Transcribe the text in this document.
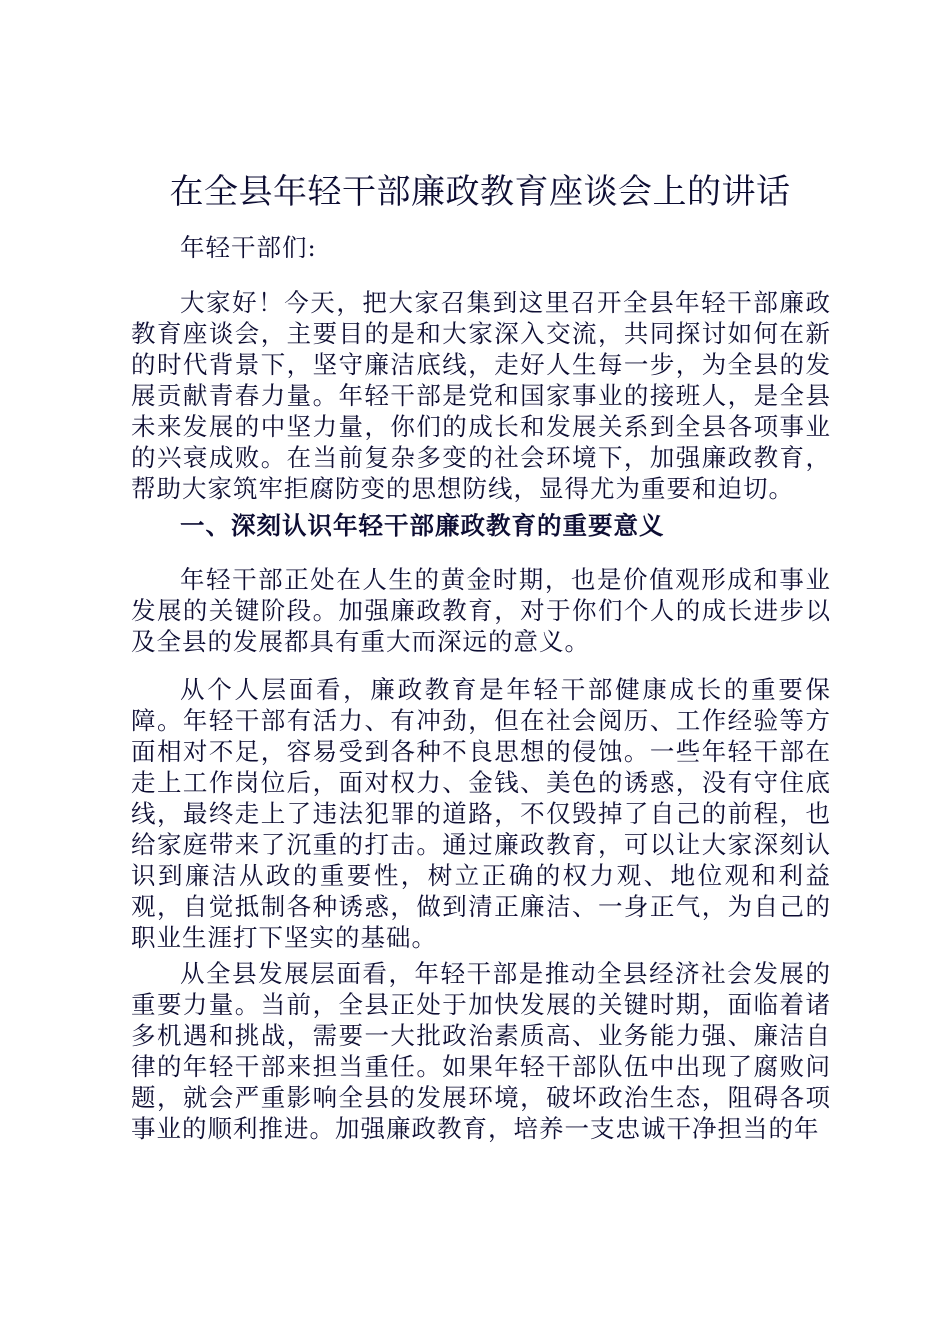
在全县年轻干部廉政教育座谈会上的讲话

年轻干部们:

大家好！今天，把大家召集到这里召开全县年轻干部廉政教育座谈会，主要目的是和大家深入交流，共同探讨如何在新的时代背景下，坚守廉洁底线，走好人生每一步，为全县的发展贡献青春力量。年轻干部是党和国家事业的接班人，是全县未来发展的中坚力量，你们的成长和发展关系到全县各项事业的兴衰成败。在当前复杂多变的社会环境下，加强廉政教育，帮助大家筑牢拒腐防变的思想防线，显得尤为重要和迫切。

一、深刻认识年轻干部廉政教育的重要意义

年轻干部正处在人生的黄金时期，也是价值观形成和事业发展的关键阶段。加强廉政教育，对于你们个人的成长进步以及全县的发展都具有重大而深远的意义。

从个人层面看，廉政教育是年轻干部健康成长的重要保障。年轻干部有活力、有冲劲，但在社会阅历、工作经验等方面相对不足，容易受到各种不良思想的侵蚀。一些年轻干部在走上工作岗位后，面对权力、金钱、美色的诱惑，没有守住底线，最终走上了违法犯罪的道路，不仅毁掉了自己的前程，也给家庭带来了沉重的打击。通过廉政教育，可以让大家深刻认识到廉洁从政的重要性，树立正确的权力观、地位观和利益观，自觉抵制各种诱惑，做到清正廉洁、一身正气，为自己的职业生涯打下坚实的基础。

从全县发展层面看，年轻干部是推动全县经济社会发展的重要力量。当前，全县正处于加快发展的关键时期，面临着诸多机遇和挑战，需要一大批政治素质高、业务能力强、廉洁自律的年轻干部来担当重任。如果年轻干部队伍中出现了腐败问题，就会严重影响全县的发展环境，破坏政治生态，阻碍各项事业的顺利推进。加强廉政教育，培养一支忠诚干净担当的年
